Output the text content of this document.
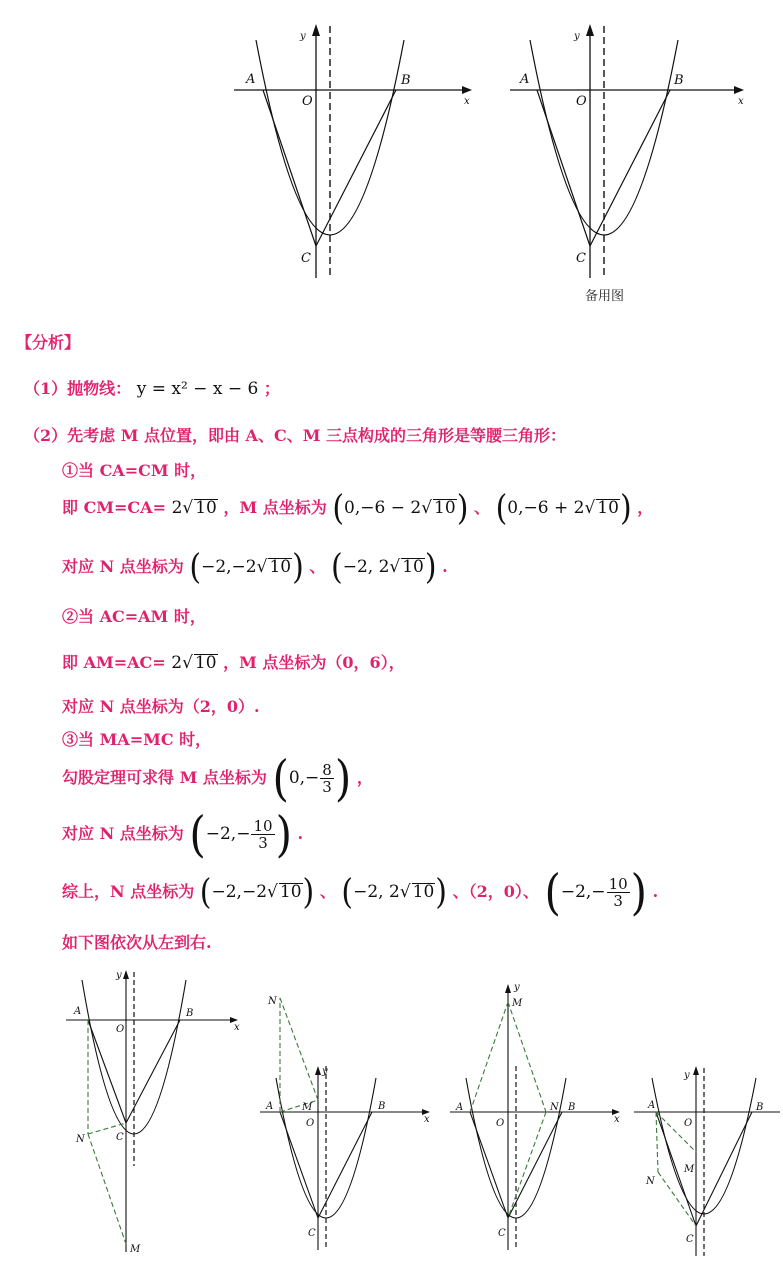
A	B
O
C
x
y
A	B
O
C
x
y
备用图
【分析】
（1）抛物线： y = x² − x − 6 ；
（2）先考虑 M 点位置，即由 A、C、M 三点构成的三角形是等腰三角形：
①当 CA=CM 时，
即 CM=CA= 2√ 10 ，M 点坐标为 (0,−6 − 2√ 10) 、 (0,−6 + 2√ 10) ，
对应 N 点坐标为 (−2,−2√ 10) 、 (−2, 2√ 10) .
②当 AC=AM 时，
即 AM=AC= 2√ 10 ，M 点坐标为（0，6），
对应 N 点坐标为（2，0）.
③当 MA=MC 时，
勾股定理可求得 M 点坐标为 ($0,- \frac{8}{3}$ ) ，
对应 N 点坐标为 ($-2,- \frac{10}{3}$ ) .
综上，N 点坐标为 (−2,−2√ 10) 、 (−2, 2√ 10) 、（2，0）、 ($-2,- \frac{10}{3}$ ) .
如下图依次从左到右.
A	B
O
C
N
M
x
y
N
M
A	B
O
C
x
y
M
y
A	N B
O
C
x
y
A
O
B
M
N
C
